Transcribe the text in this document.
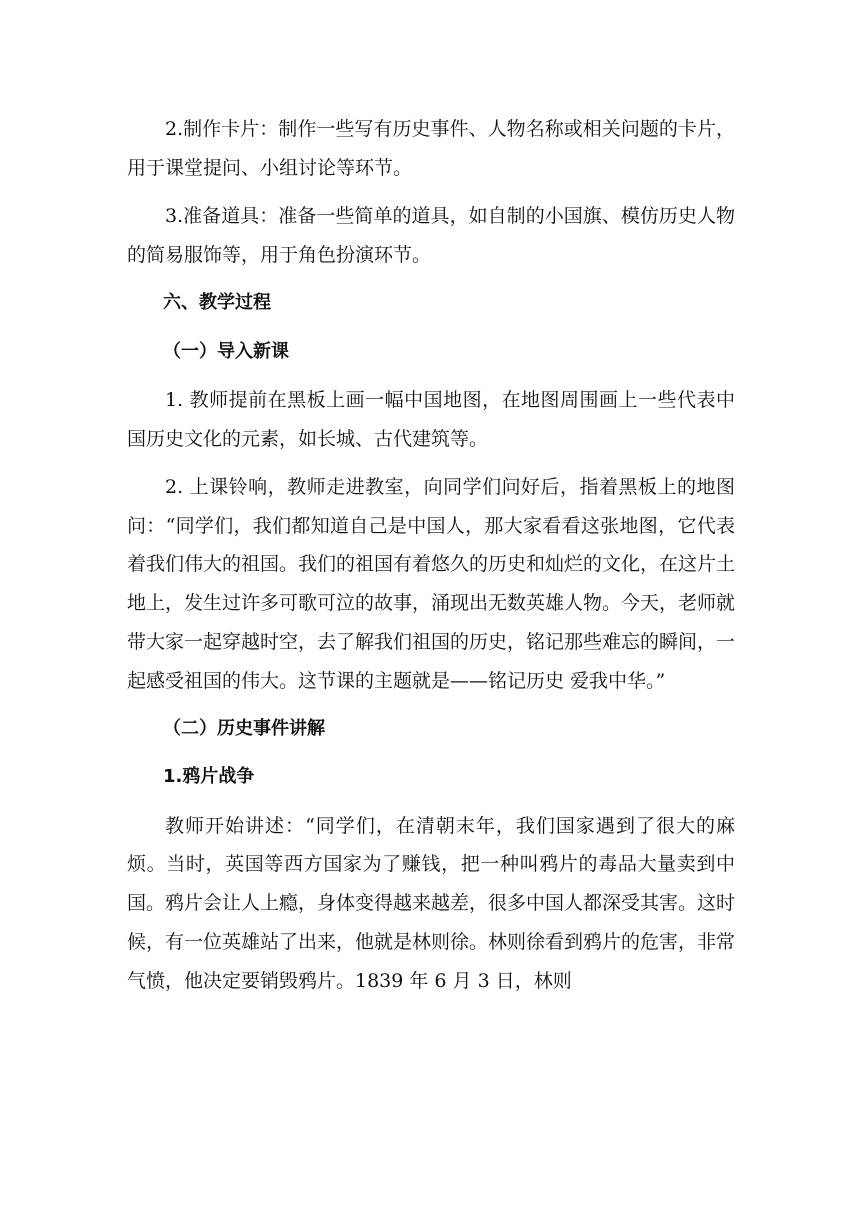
2.制作卡片：制作一些写有历史事件、人物名称或相关问题的卡片，用于课堂提问、小组讨论等环节。

3.准备道具：准备一些简单的道具，如自制的小国旗、模仿历史人物的简易服饰等，用于角色扮演环节。

六、教学过程

（一）导入新课

1. 教师提前在黑板上画一幅中国地图，在地图周围画上一些代表中国历史文化的元素，如长城、古代建筑等。

2. 上课铃响，教师走进教室，向同学们问好后，指着黑板上的地图问：“同学们，我们都知道自己是中国人，那大家看看这张地图，它代表着我们伟大的祖国。我们的祖国有着悠久的历史和灿烂的文化，在这片土地上，发生过许多可歌可泣的故事，涌现出无数英雄人物。今天，老师就带大家一起穿越时空，去了解我们祖国的历史，铭记那些难忘的瞬间，一起感受祖国的伟大。这节课的主题就是——铭记历史 爱我中华。”

（二）历史事件讲解

1.鸦片战争

教师开始讲述：“同学们，在清朝末年，我们国家遇到了很大的麻烦。当时，英国等西方国家为了赚钱，把一种叫鸦片的毒品大量卖到中国。鸦片会让人上瘾，身体变得越来越差，很多中国人都深受其害。这时候，有一位英雄站了出来，他就是林则徐。林则徐看到鸦片的危害，非常气愤，他决定要销毁鸦片。1839 年 6 月 3 日，林则
